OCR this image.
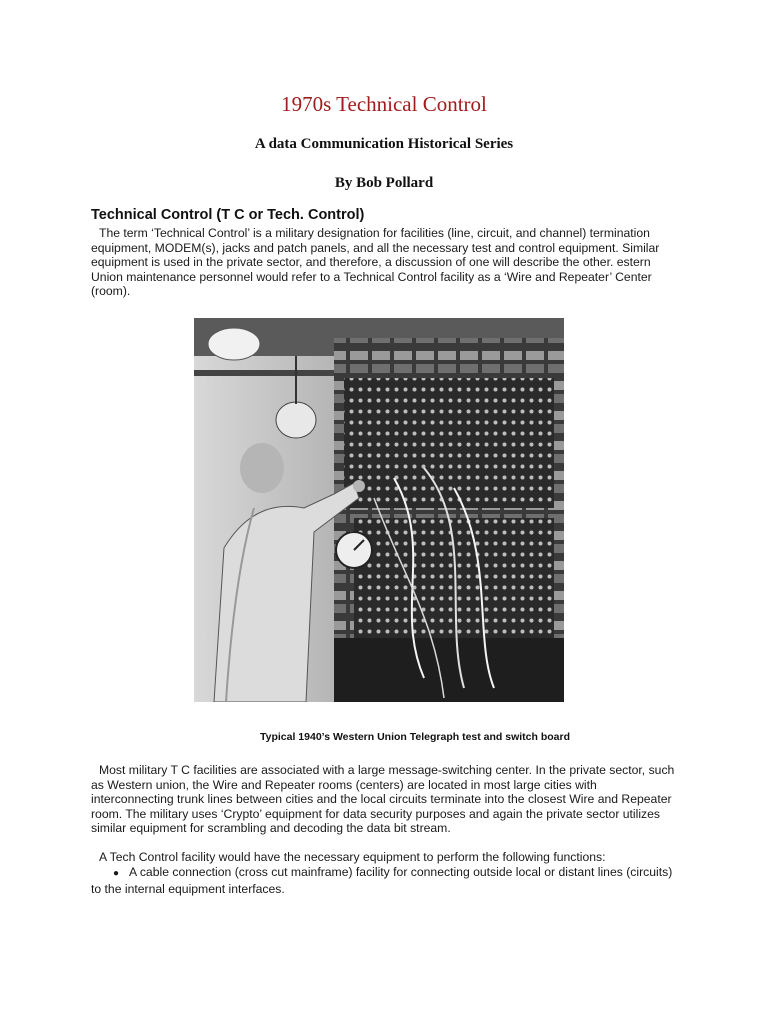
1970s Technical Control
A data Communication Historical Series
By Bob Pollard
Technical Control (T C or Tech. Control)
The term ‘Technical Control’ is a military designation for facilities (line, circuit, and channel) termination equipment, MODEM(s), jacks and patch panels, and all the necessary test and control equipment. Similar equipment is used in the private sector, and therefore, a discussion of one will describe the other. estern Union maintenance personnel would refer to a Technical Control facility as a ‘Wire and Repeater’ Center (room).
Typical 1940’s Western Union Telegraph test and switch board
Most military T C facilities are associated with a large message-switching center. In the private sector, such as Western union, the Wire and Repeater rooms (centers) are located in most large cities with interconnecting trunk lines between cities and the local circuits terminate into the closest Wire and Repeater room. The military uses ‘Crypto’ equipment for data security purposes and again the private sector utilizes similar equipment for scrambling and decoding the data bit stream.
A Tech Control facility would have the necessary equipment to perform the following functions:
● A cable connection (cross cut mainframe) facility for connecting outside local or distant lines (circuits) to the internal equipment interfaces.
